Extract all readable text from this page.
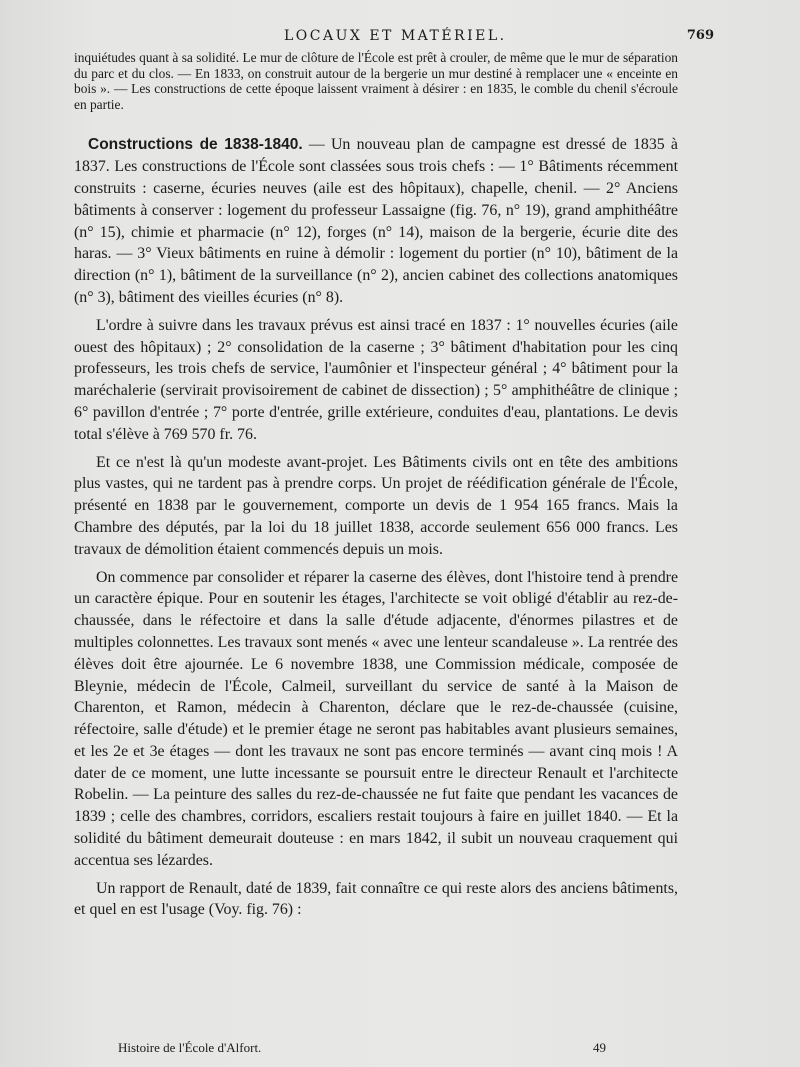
LOCAUX ET MATÉRIEL.	769

inquiétudes quant à sa solidité. Le mur de clôture de l'École est prêt à crouler, de même que le mur de séparation du parc et du clos. — En 1833, on construit autour de la bergerie un mur destiné à remplacer une « enceinte en bois ». — Les constructions de cette époque laissent vraiment à désirer : en 1835, le comble du chenil s'écroule en partie.

Constructions de 1838-1840. — Un nouveau plan de campagne est dressé de 1835 à 1837. Les constructions de l'École sont classées sous trois chefs : — 1° Bâtiments récemment construits : caserne, écuries neuves (aile est des hôpitaux), chapelle, chenil. — 2° Anciens bâtiments à conserver : logement du professeur Lassaigne (fig. 76, n° 19), grand amphithéâtre (n° 15), chimie et pharmacie (n° 12), forges (n° 14), maison de la bergerie, écurie dite des haras. — 3° Vieux bâtiments en ruine à démolir : logement du portier (n° 10), bâtiment de la direction (n° 1), bâtiment de la surveillance (n° 2), ancien cabinet des collections anatomiques (n° 3), bâtiment des vieilles écuries (n° 8).

L'ordre à suivre dans les travaux prévus est ainsi tracé en 1837 : 1° nouvelles écuries (aile ouest des hôpitaux) ; 2° consolidation de la caserne ; 3° bâtiment d'habitation pour les cinq professeurs, les trois chefs de service, l'aumônier et l'inspecteur général ; 4° bâtiment pour la maréchalerie (servirait provisoirement de cabinet de dissection) ; 5° amphithéâtre de clinique ; 6° pavillon d'entrée ; 7° porte d'entrée, grille extérieure, conduites d'eau, plantations. Le devis total s'élève à 769 570 fr. 76.

Et ce n'est là qu'un modeste avant-projet. Les Bâtiments civils ont en tête des ambitions plus vastes, qui ne tardent pas à prendre corps. Un projet de réédification générale de l'École, présenté en 1838 par le gouvernement, comporte un devis de 1 954 165 francs. Mais la Chambre des députés, par la loi du 18 juillet 1838, accorde seulement 656 000 francs. Les travaux de démolition étaient commencés depuis un mois.

On commence par consolider et réparer la caserne des élèves, dont l'histoire tend à prendre un caractère épique. Pour en soutenir les étages, l'architecte se voit obligé d'établir au rez-de-chaussée, dans le réfectoire et dans la salle d'étude adjacente, d'énormes pilastres et de multiples colonnettes. Les travaux sont menés « avec une lenteur scandaleuse ». La rentrée des élèves doit être ajournée. Le 6 novembre 1838, une Commission médicale, composée de Bleynie, médecin de l'École, Calmeil, surveillant du service de santé à la Maison de Charenton, et Ramon, médecin à Charenton, déclare que le rez-de-chaussée (cuisine, réfectoire, salle d'étude) et le premier étage ne seront pas habitables avant plusieurs semaines, et les 2e et 3e étages — dont les travaux ne sont pas encore terminés — avant cinq mois ! A dater de ce moment, une lutte incessante se poursuit entre le directeur Renault et l'architecte Robelin. — La peinture des salles du rez-de-chaussée ne fut faite que pendant les vacances de 1839 ; celle des chambres, corridors, escaliers restait toujours à faire en juillet 1840. — Et la solidité du bâtiment demeurait douteuse : en mars 1842, il subit un nouveau craquement qui accentua ses lézardes.

Un rapport de Renault, daté de 1839, fait connaître ce qui reste alors des anciens bâtiments, et quel en est l'usage (Voy. fig. 76) :

Histoire de l'École d'Alfort.	49
